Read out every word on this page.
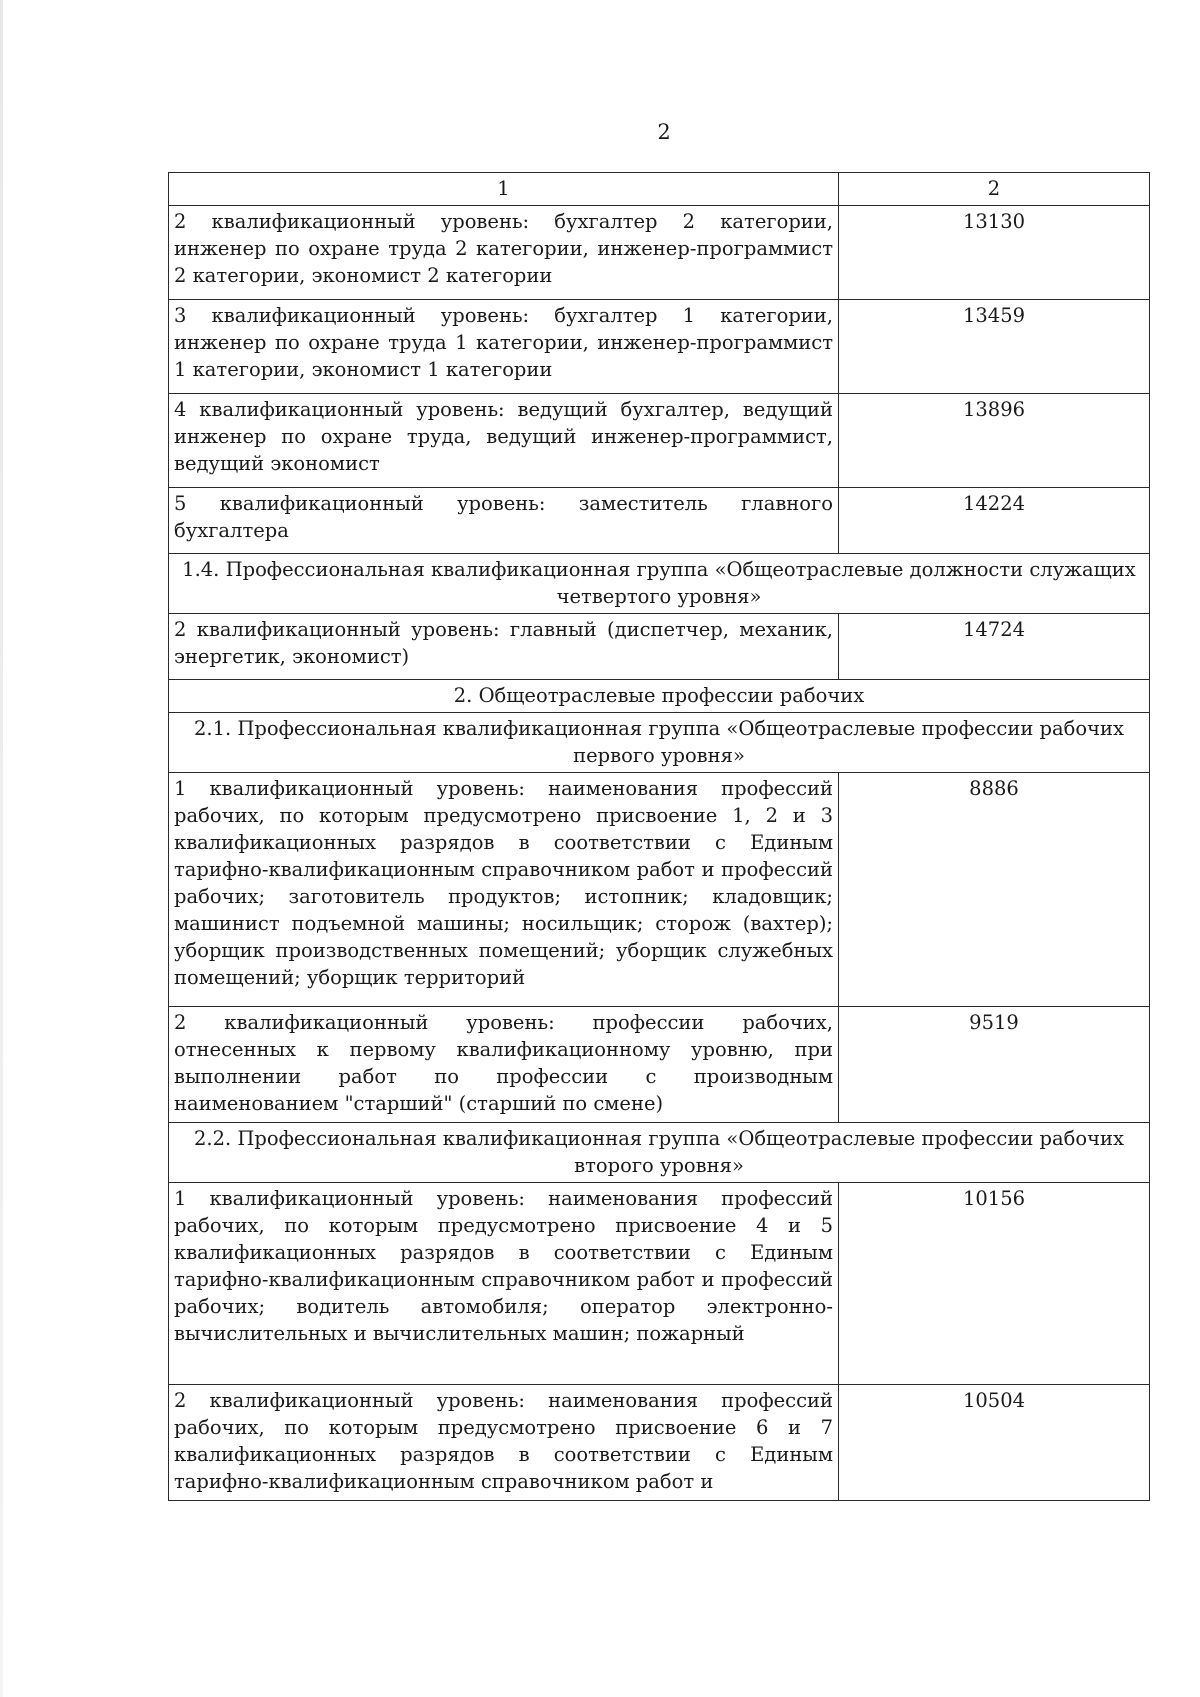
2
1	2
2 квалификационный уровень: бухгалтер 2 категории, инженер по охране труда 2 категории, инженер-программист 2 категории, экономист 2 категории	13130
3 квалификационный уровень: бухгалтер 1 категории, инженер по охране труда 1 категории, инженер-программист 1 категории, экономист 1 категории	13459
4 квалификационный уровень: ведущий бухгалтер, ведущий инженер по охране труда, ведущий инженер-программист, ведущий экономист	13896
5 квалификационный уровень: заместитель главного бухгалтера	14224
1.4. Профессиональная квалификационная группа «Общеотраслевые должности служащих четвертого уровня»	
2 квалификационный уровень: главный (диспетчер, механик, энергетик, экономист)	14724
2. Общеотраслевые профессии рабочих	
2.1. Профессиональная квалификационная группа «Общеотраслевые профессии рабочих первого уровня»	
1 квалификационный уровень: наименования профессий рабочих, по которым предусмотрено присвоение 1, 2 и 3 квалификационных разрядов в соответствии с Единым тарифно-квалификационным справочником работ и профессий рабочих; заготовитель продуктов; истопник; кладовщик; машинист подъемной машины; носильщик; сторож (вахтер); уборщик производственных помещений; уборщик служебных помещений; уборщик территорий	8886
2 квалификационный уровень: профессии рабочих, отнесенных к первому квалификационному уровню, при выполнении работ по профессии с производным наименованием "старший" (старший по смене)	9519
2.2. Профессиональная квалификационная группа «Общеотраслевые профессии рабочих второго уровня»	
1 квалификационный уровень: наименования профессий рабочих, по которым предусмотрено присвоение 4 и 5 квалификационных разрядов в соответствии с Единым тарифно-квалификационным справочником работ и профессий рабочих; водитель автомобиля; оператор электронно-вычислительных и вычислительных машин; пожарный	10156
2 квалификационный уровень: наименования профессий рабочих, по которым предусмотрено присвоение 6 и 7 квалификационных разрядов в соответствии с Единым тарифно-квалификационным справочником работ и	10504
